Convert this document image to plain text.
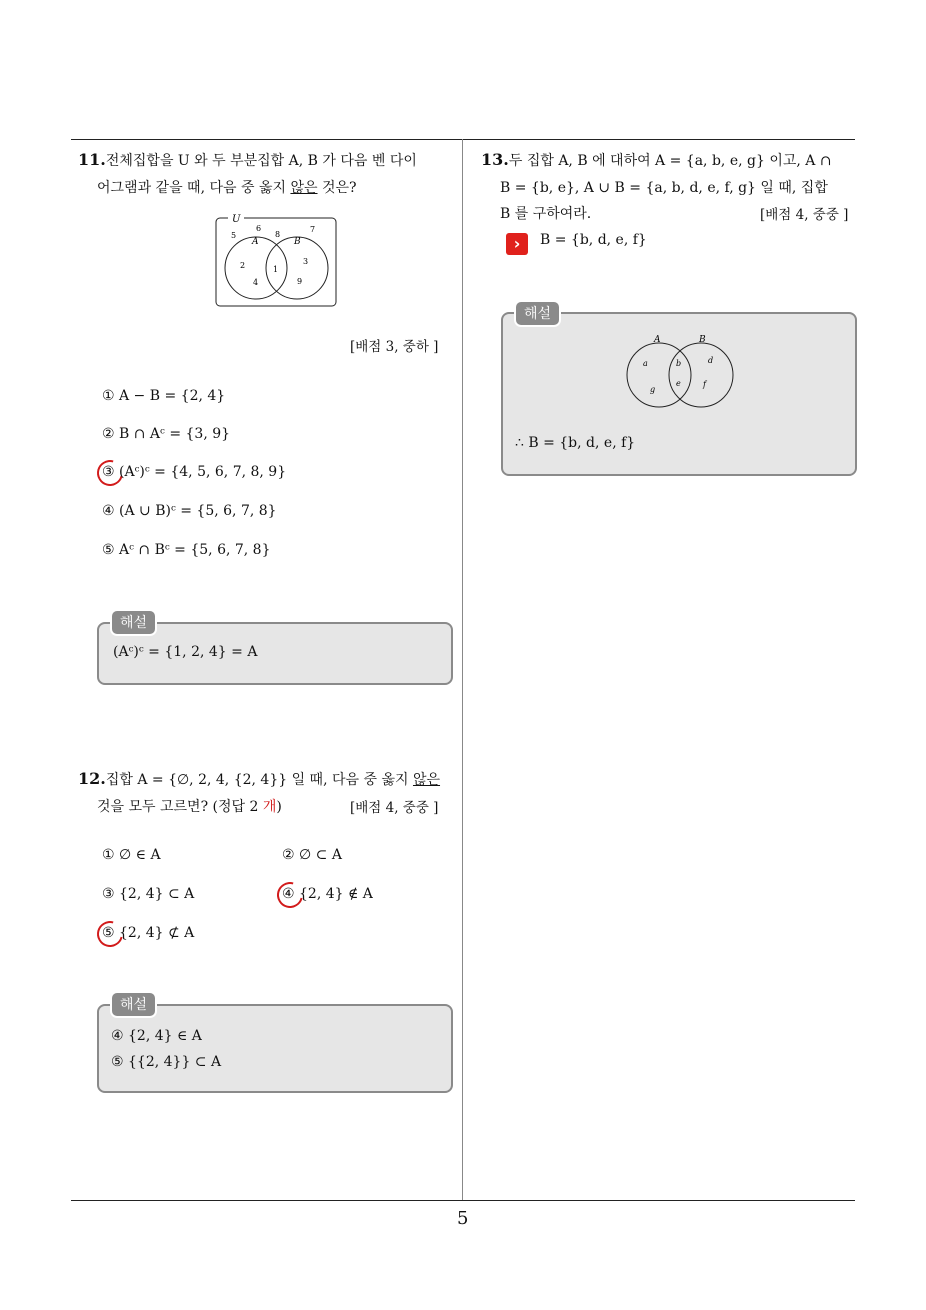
11.전체집합을 U 와 두 부분집합 A, B 가 다음 벤 다이
어그램과 같을 때, 다음 중 옳지 않은 것은?
U
A	B
5
6
8
7
2
4
1
3
9
[배점 3, 중하 ]
① A − B = {2, 4}
② B ∩ Aᶜ = {3, 9}
③ (Aᶜ)ᶜ = {4, 5, 6, 7, 8, 9}
④ (A ∪ B)ᶜ = {5, 6, 7, 8}
⑤ Aᶜ ∩ Bᶜ = {5, 6, 7, 8}
(Aᶜ)ᶜ = {1, 2, 4} = A
해설
12.집합 A = {∅, 2, 4, {2, 4}} 일 때, 다음 중 옳지 않은
것을 모두 고르면? (정답 2 개)	[배점 4, 중중 ]
① ∅ ∈ A	② ∅ ⊂ A
③ {2, 4} ⊂ A	④ {2, 4} ∉ A
⑤ {2, 4} ⊄ A
④ {2, 4} ∈ A
⑤ {{2, 4}} ⊂ A
해설
13.두 집합 A, B 에 대하여 A = {a, b, e, g} 이고, A ∩
B = {b, e}, A ∪ B = {a, b, d, e, f, g} 일 때, 집합
B 를 구하여라.	[배점 4, 중중 ]
›	B = {b, d, e, f}
A	B
a
g
b
e
d
f
∴ B = {b, d, e, f}
해설
5
